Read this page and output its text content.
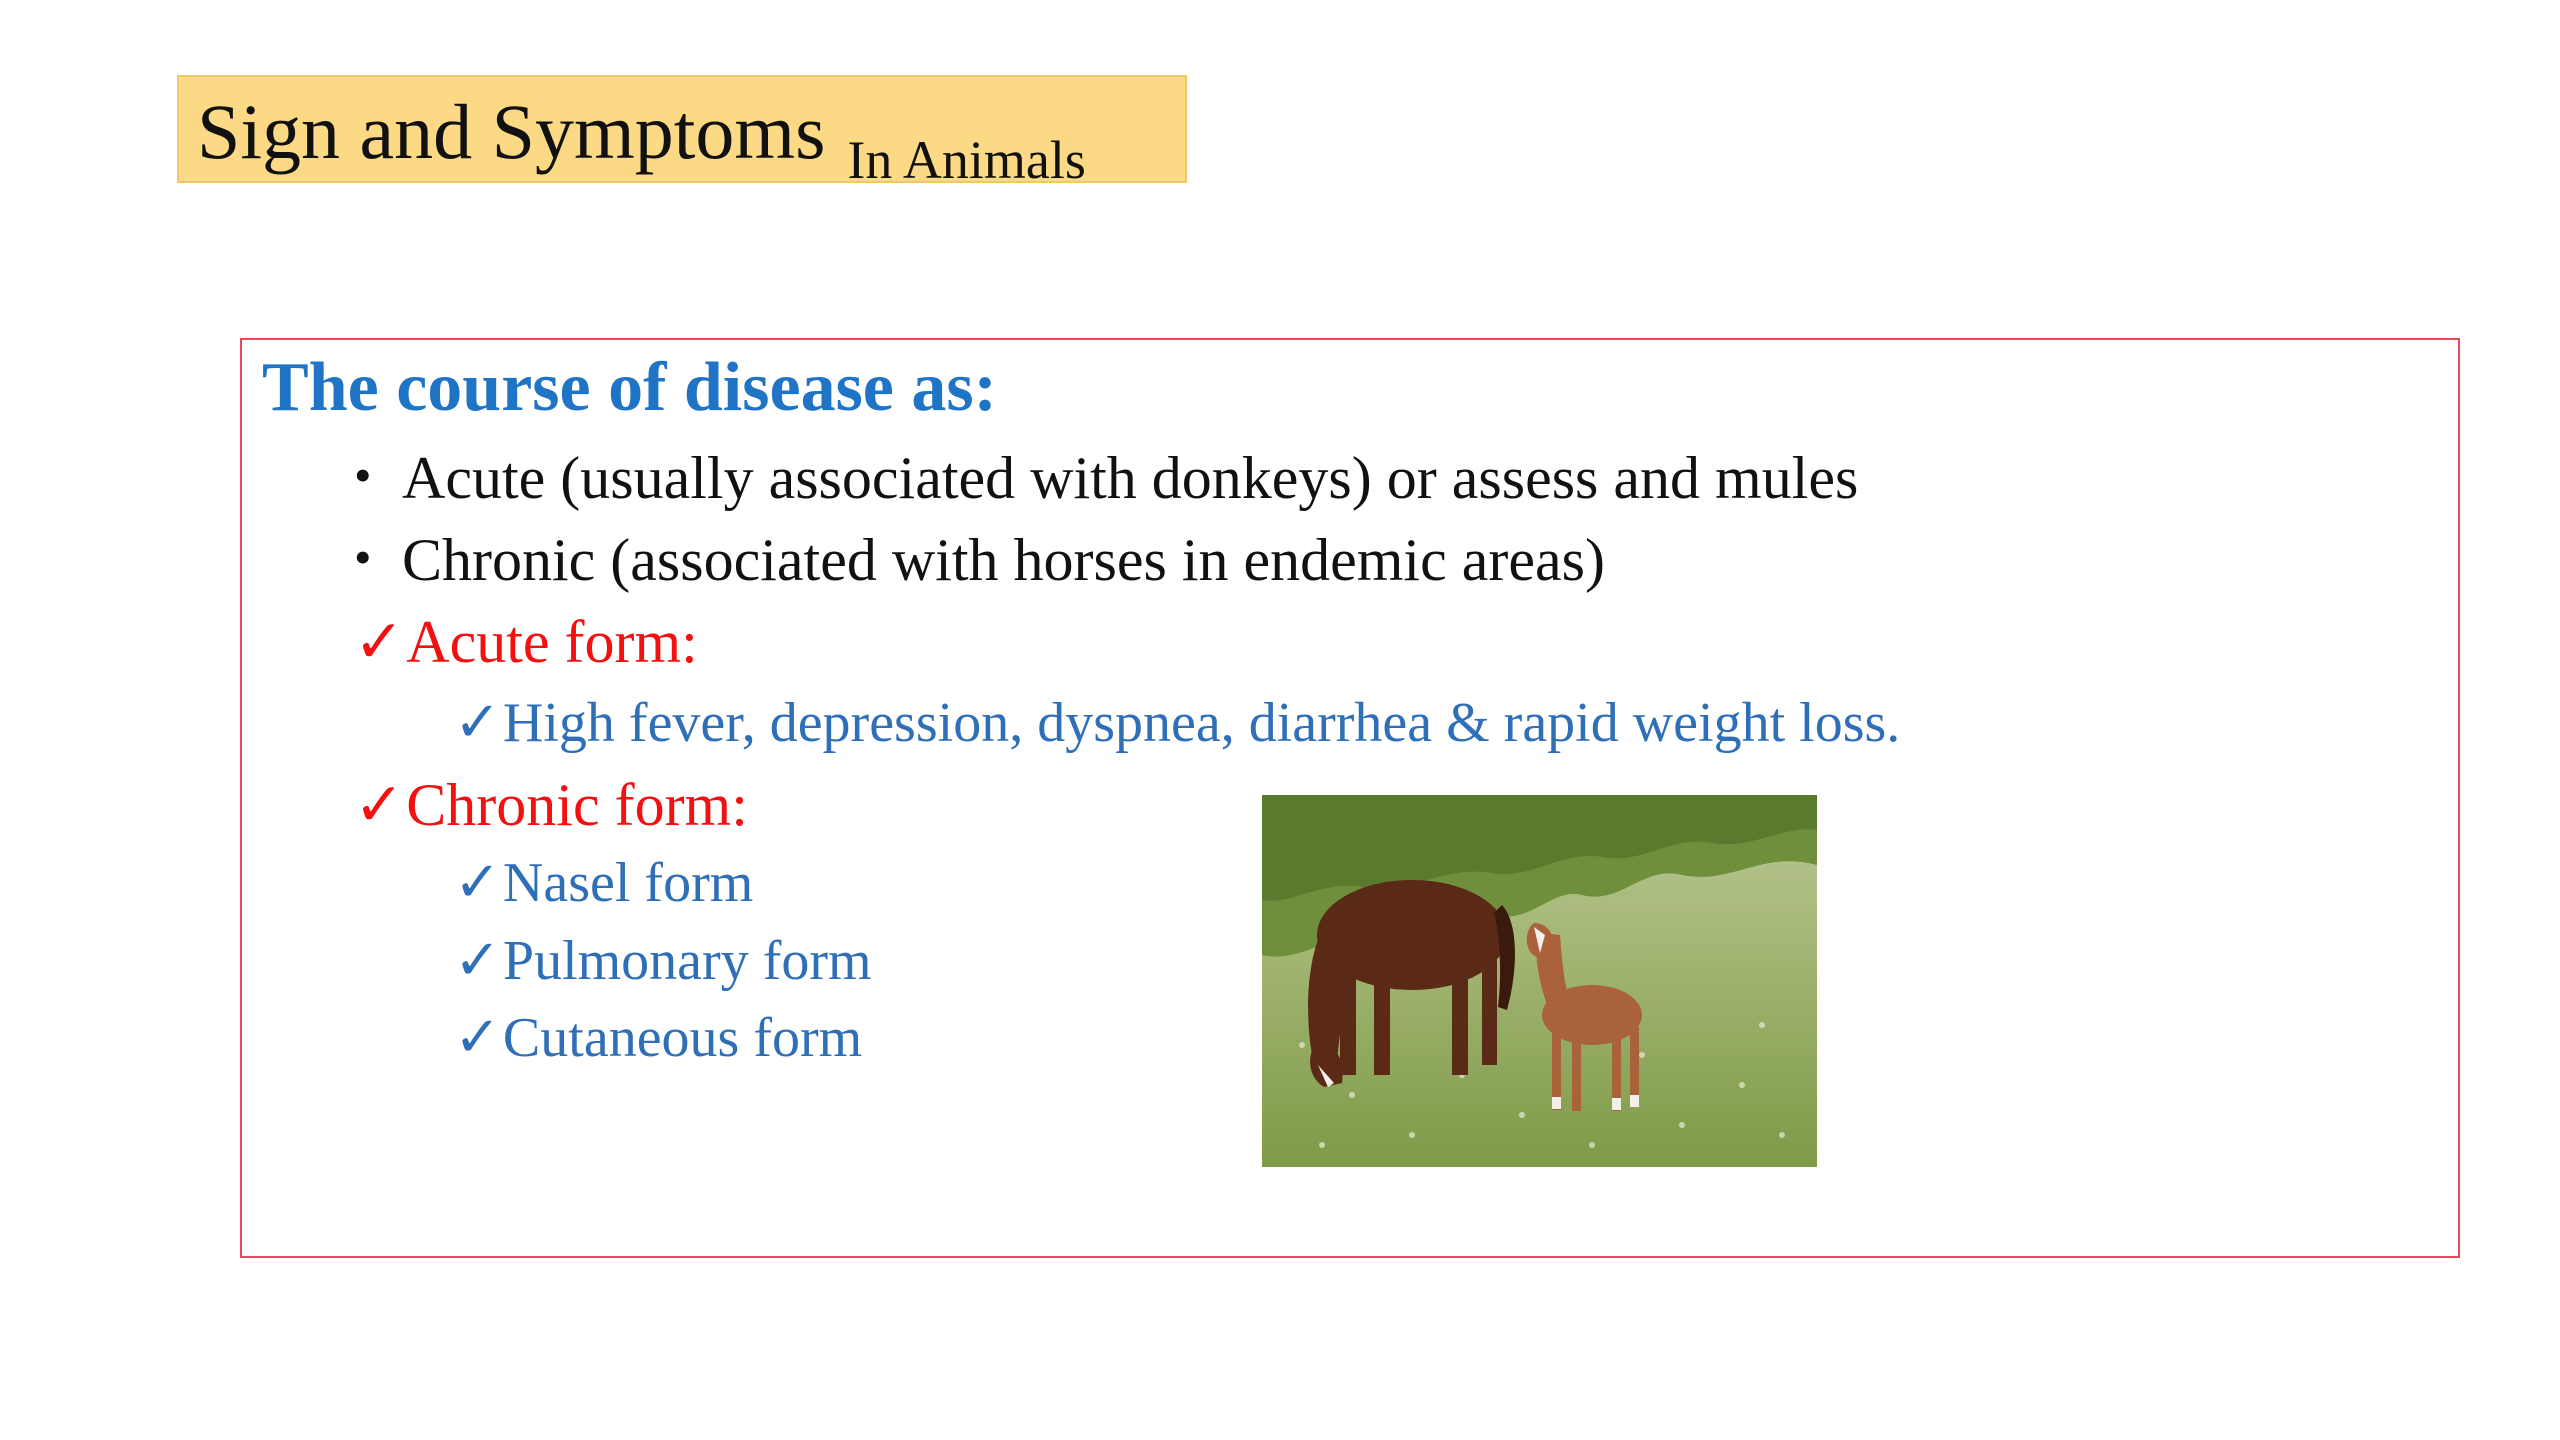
Sign and Symptoms In Animals
The course of disease as:
• Acute (usually associated with donkeys) or assess and mules
• Chronic (associated with horses in endemic areas)
✓Acute form:
✓High fever, depression, dyspnea, diarrhea & rapid weight loss.
✓Chronic form:
✓Nasel form
✓Pulmonary form
✓Cutaneous form
